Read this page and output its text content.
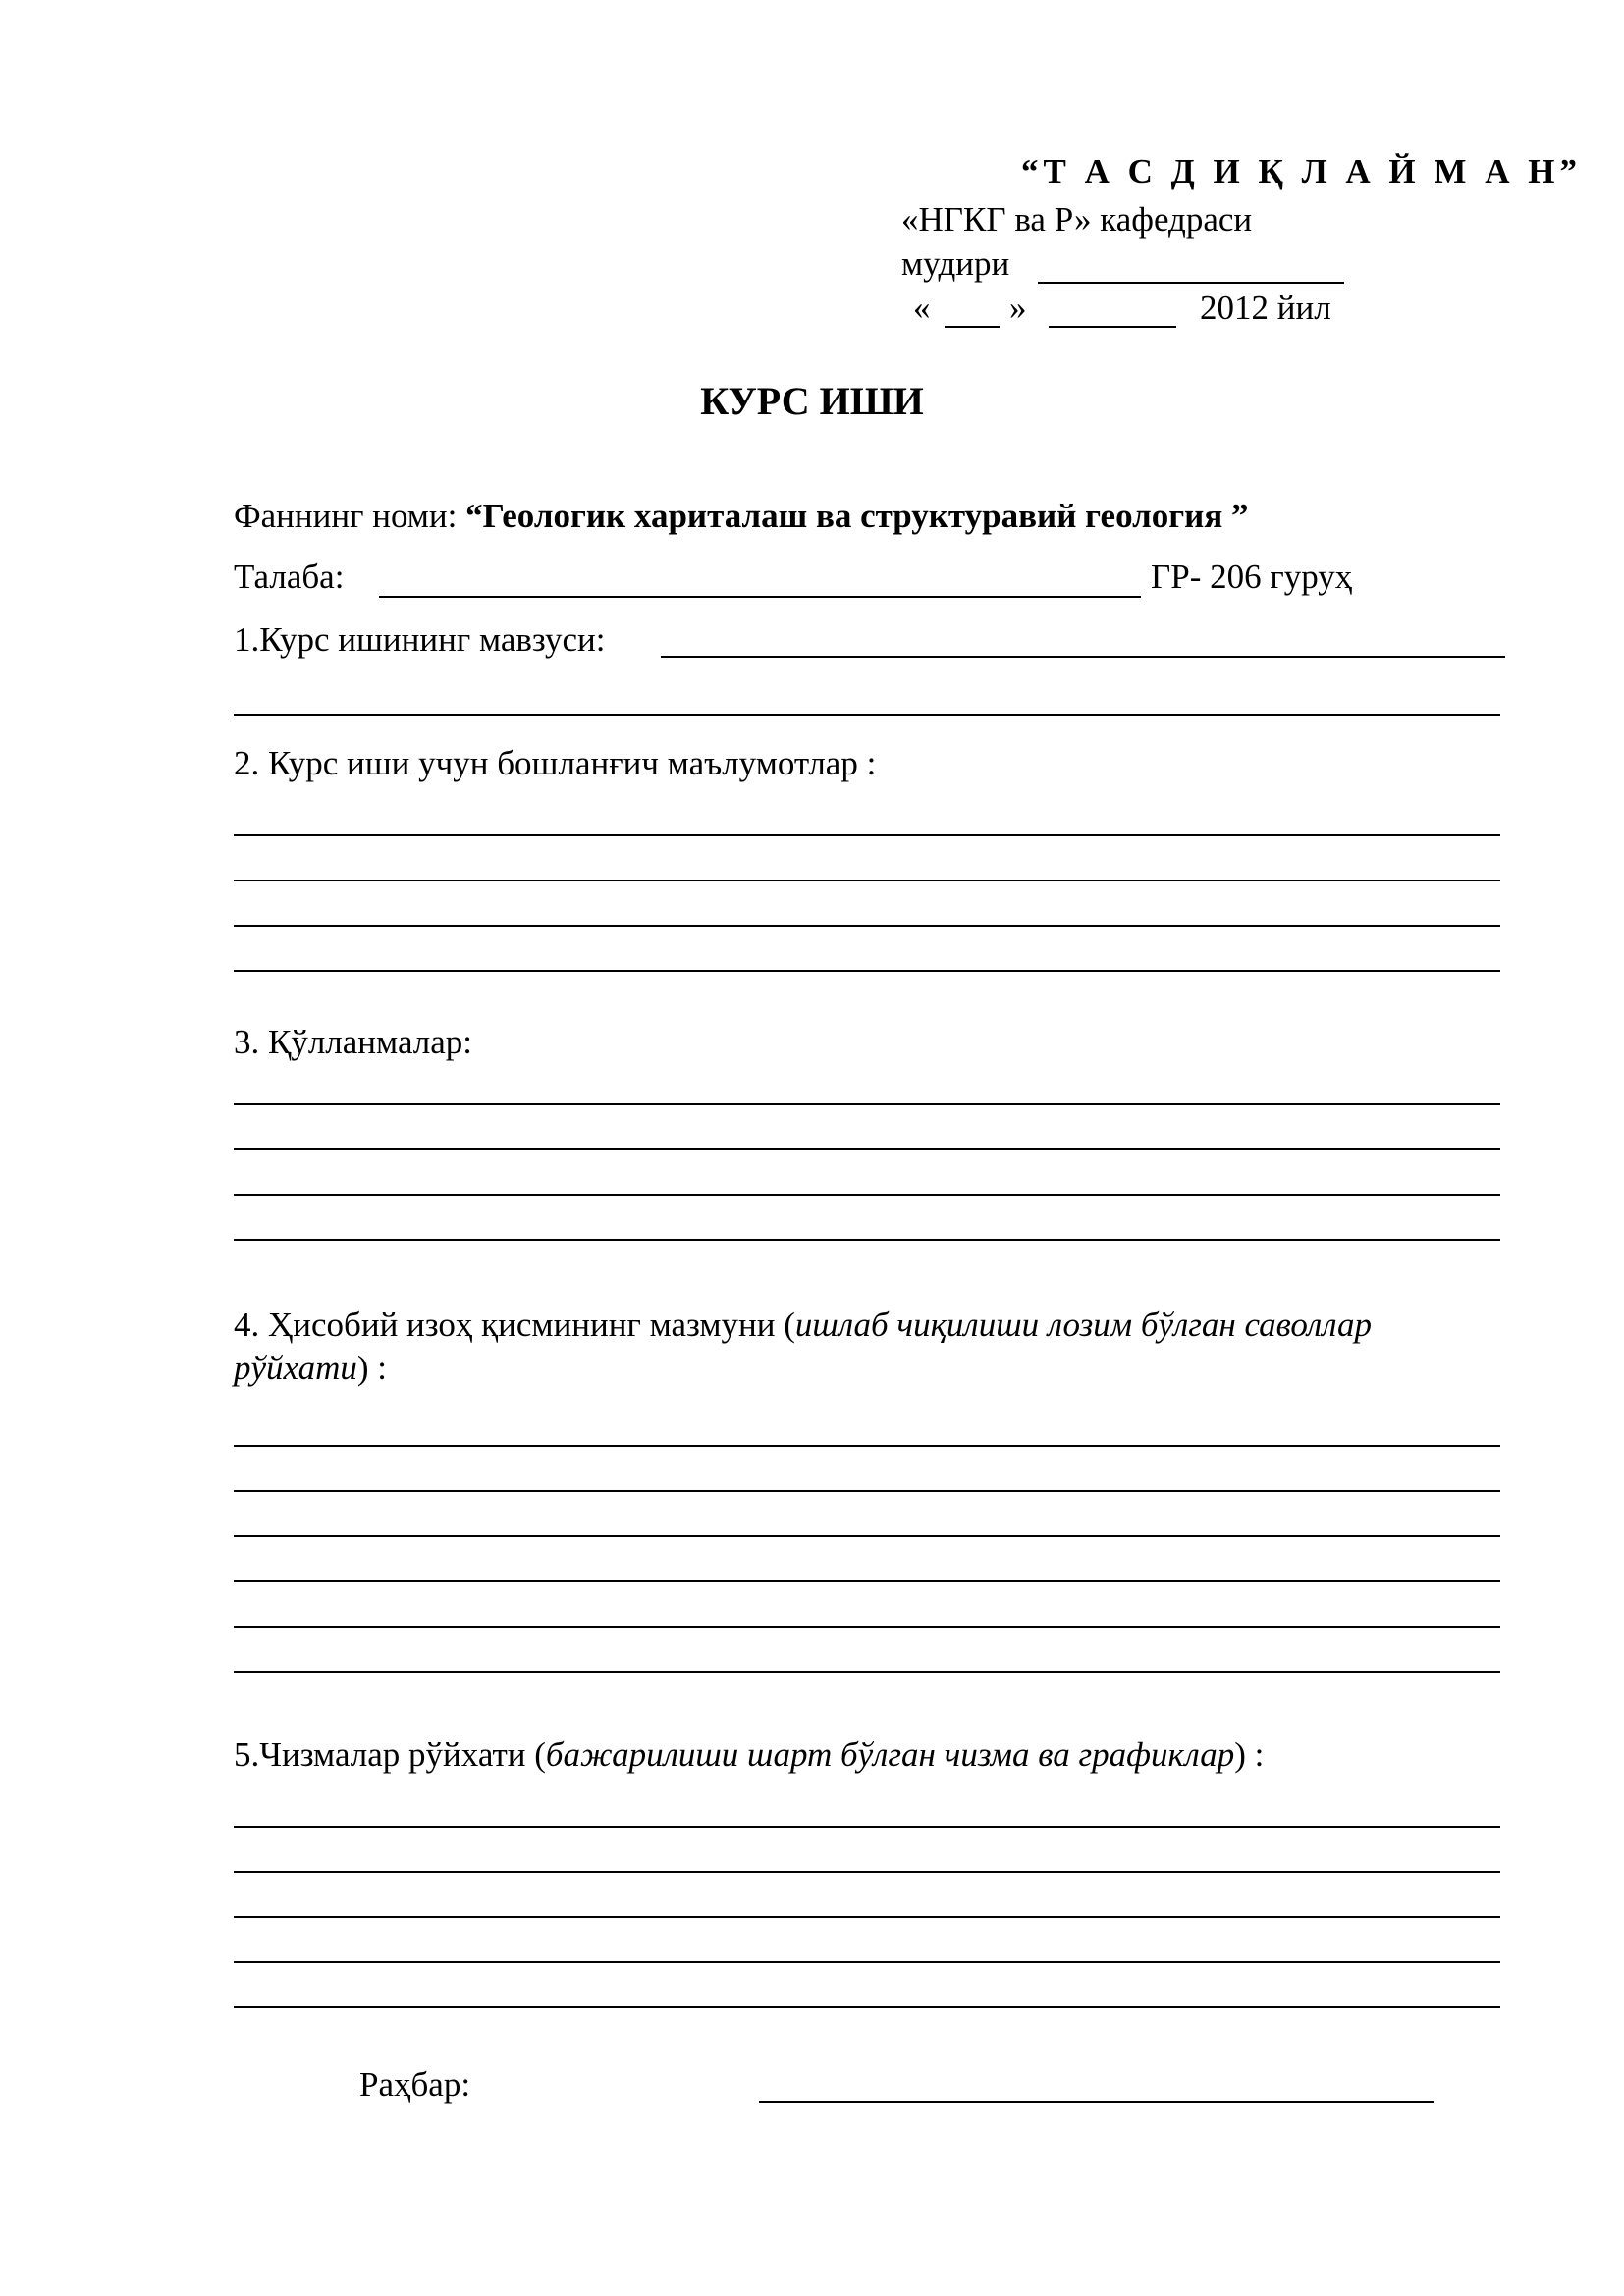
“Т А С Д И Қ Л А Й М А Н”
«НГКГ ва Р» кафедраси
мудири
« »	2012 йил
КУРС ИШИ
Фаннинг номи: “Геологик хариталаш ва структуравий геология ”
Талаба:	ГР- 206 гуруҳ
1.Курс ишининг мавзуси:
2. Курс иши учун бошланғич маълумотлар :
3. Қўлланмалар:
4. Ҳисобий изоҳ қисмининг мазмуни (ишлаб чиқилиши лозим бўлган саволлар
рўйхати) :
5.Чизмалар рўйхати (бажарилиши шарт бўлган чизма ва графиклар) :
Раҳбар:
